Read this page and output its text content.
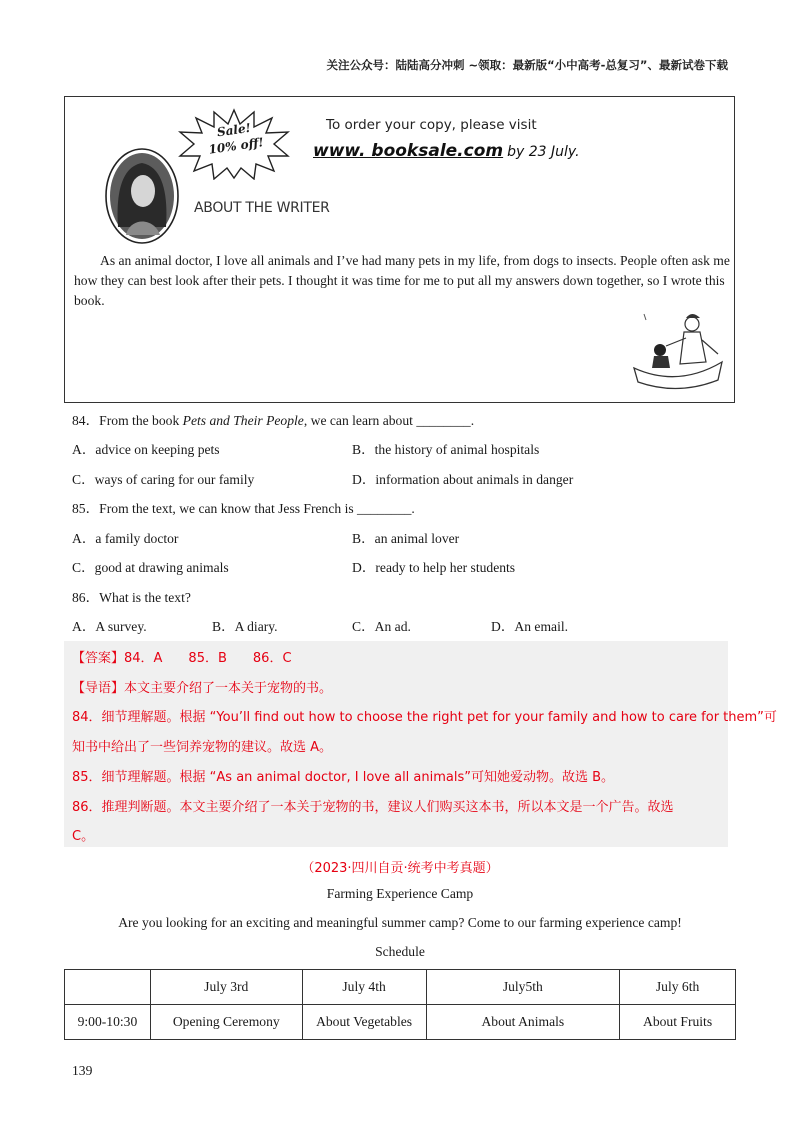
关注公众号：陆陆高分冲刺 ~领取：最新版“小中高考-总复习”、最新试卷下载
Sale!
10% off!
To order your copy, please visit
www. booksale.com by 23 July.
ABOUT THE WRITER
As an animal doctor, I love all animals and I’ve had many pets in my life, from dogs to insects. People often ask me how they can best look after their pets. I thought it was time for me to put all my answers down together, so I wrote this book.
84．From the book Pets and Their People, we can learn about ________.
A．advice on keeping pets	B．the history of animal hospitals
C．ways of caring for our family	D．information about animals in danger
85．From the text, we can know that Jess French is ________.
A．a family doctor	B．an animal lover
C．good at drawing animals	D．ready to help her students
86．What is the text?
A．A survey.	B．A diary.	C．An ad.	D．An email.
【答案】84．A　　85．B　　86．C
【导语】本文主要介绍了一本关于宠物的书。
84．细节理解题。根据 “You’ll find out how to choose the right pet for your family and how to care for them”可
知书中给出了一些饲养宠物的建议。故选 A。
85．细节理解题。根据 “As an animal doctor, I love all animals”可知她爱动物。故选 B。
86．推理判断题。本文主要介绍了一本关于宠物的书，建议人们购买这本书，所以本文是一个广告。故选
C。
（2023·四川自贡·统考中考真题）
Farming Experience Camp
Are you looking for an exciting and meaningful summer camp? Come to our farming experience camp!
Schedule
	July 3rd	July 4th	July5th	July 6th
9:00-10:30	Opening Ceremony	About Vegetables	About Animals	About Fruits
139
